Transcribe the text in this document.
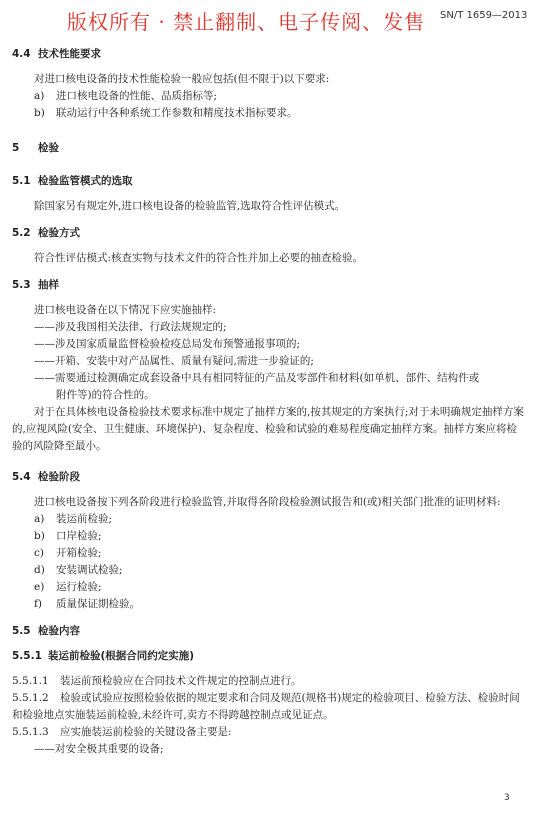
版权所有 · 禁止翻制、电子传阅、发售 SN/T 1659—2013
4.4 技术性能要求

对进口核电设备的技术性能检验一般应包括(但不限于)以下要求:

a) 进口核电设备的性能、品质指标等;

b) 联动运行中各种系统工作参数和精度技术指标要求。

5 检验
5.1 检验监管模式的选取

除国家另有规定外,进口核电设备的检验监管,选取符合性评估模式。

5.2 检验方式

符合性评估模式:核查实物与技术文件的符合性并加上必要的抽查检验。

5.3 抽样

进口核电设备在以下情况下应实施抽样:

——涉及我国相关法律、行政法规规定的;

——涉及国家质量监督检验检疫总局发布预警通报事项的;

——开箱、安装中对产品属性、质量有疑问,需进一步验证的;

——需要通过检测确定成套设备中具有相同特征的产品及零部件和材料(如单机、部件、结构件或

附件等)的符合性的。

对于在具体核电设备检验技术要求标准中规定了抽样方案的,按其规定的方案执行;对于未明确规定抽样方案的,应视风险(安全、卫生健康、环境保护)、复杂程度、检验和试验的难易程度确定抽样方案。抽样方案应将检验的风险降至最小。

5.4 检验阶段

进口核电设备按下列各阶段进行检验监管,并取得各阶段检验测试报告和(或)相关部门批准的证明材料:

a) 装运前检验;

b) 口岸检验;

c) 开箱检验;

d) 安装调试检验;

e) 运行检验;

f) 质量保证期检验。

5.5 检验内容
5.5.1 装运前检验(根据合同约定实施)

5.5.1.1 装运前预检验应在合同技术文件规定的控制点进行。

5.5.1.2 检验或试验应按照检验依据的规定要求和合同及规范(规格书)规定的检验项目、检验方法、检验时间和检验地点实施装运前检验,未经许可,卖方不得跨越控制点或见证点。

5.5.1.3 应实施装运前检验的关键设备主要是:

——对安全极其重要的设备;

3
